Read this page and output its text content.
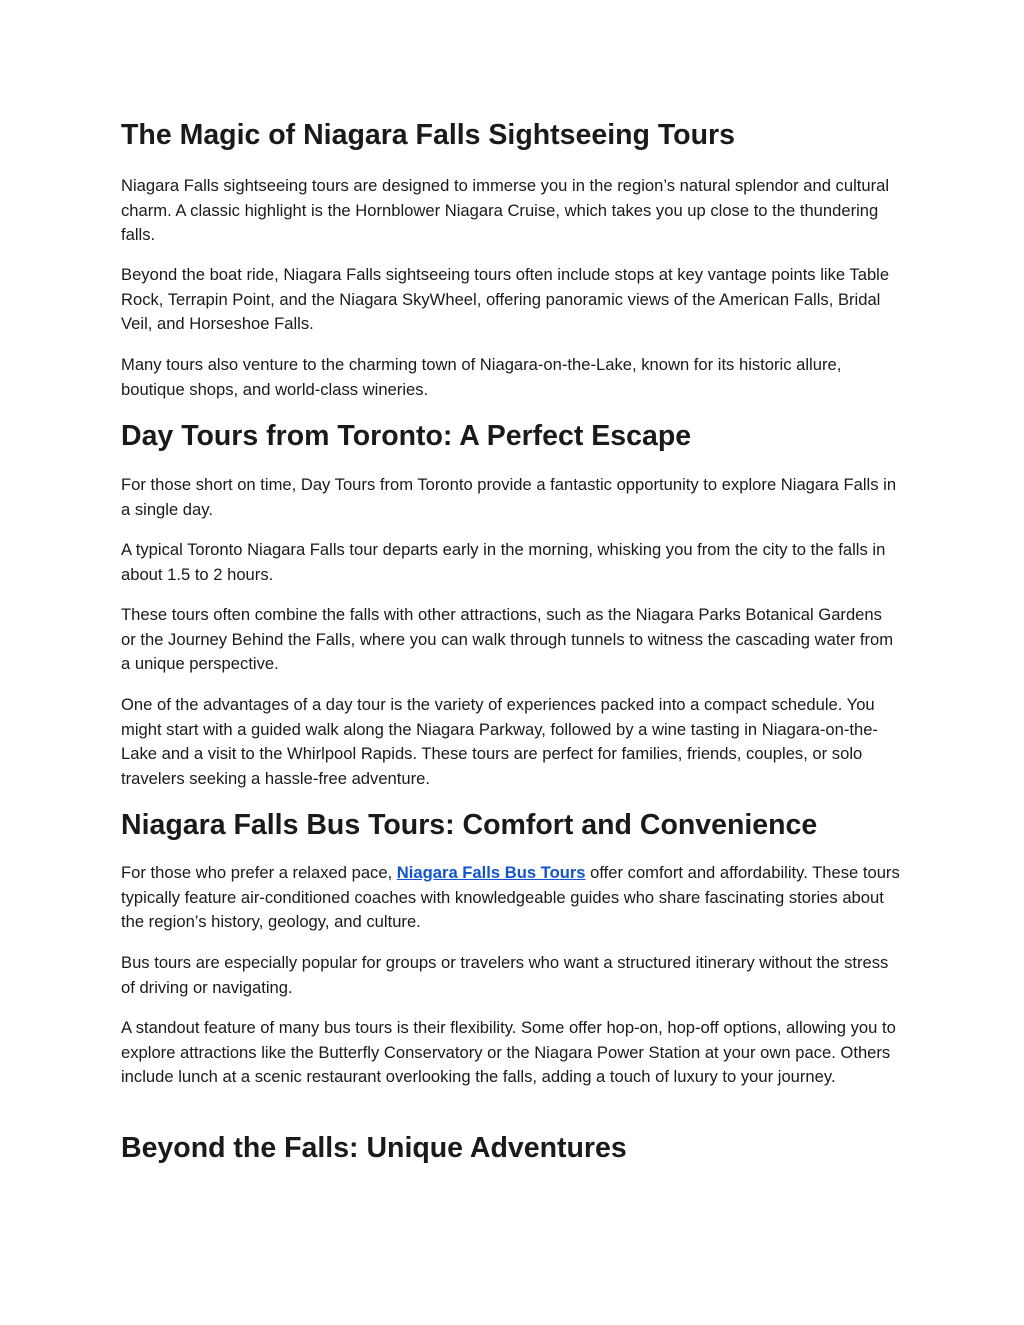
The Magic of Niagara Falls Sightseeing Tours

Niagara Falls sightseeing tours are designed to immerse you in the region’s natural splendor and cultural charm. A classic highlight is the Hornblower Niagara Cruise, which takes you up close to the thundering falls.

Beyond the boat ride, Niagara Falls sightseeing tours often include stops at key vantage points like Table Rock, Terrapin Point, and the Niagara SkyWheel, offering panoramic views of the American Falls, Bridal Veil, and Horseshoe Falls.

Many tours also venture to the charming town of Niagara-on-the-Lake, known for its historic allure, boutique shops, and world-class wineries.

Day Tours from Toronto: A Perfect Escape

For those short on time, Day Tours from Toronto provide a fantastic opportunity to explore Niagara Falls in a single day.

A typical Toronto Niagara Falls tour departs early in the morning, whisking you from the city to the falls in about 1.5 to 2 hours.

These tours often combine the falls with other attractions, such as the Niagara Parks Botanical Gardens or the Journey Behind the Falls, where you can walk through tunnels to witness the cascading water from a unique perspective.

One of the advantages of a day tour is the variety of experiences packed into a compact schedule. You might start with a guided walk along the Niagara Parkway, followed by a wine tasting in Niagara-on-the-Lake and a visit to the Whirlpool Rapids. These tours are perfect for families, friends, couples, or solo travelers seeking a hassle-free adventure.

Niagara Falls Bus Tours: Comfort and Convenience

For those who prefer a relaxed pace, Niagara Falls Bus Tours offer comfort and affordability. These tours typically feature air-conditioned coaches with knowledgeable guides who share fascinating stories about the region’s history, geology, and culture.

Bus tours are especially popular for groups or travelers who want a structured itinerary without the stress of driving or navigating.

A standout feature of many bus tours is their flexibility. Some offer hop-on, hop-off options, allowing you to explore attractions like the Butterfly Conservatory or the Niagara Power Station at your own pace. Others include lunch at a scenic restaurant overlooking the falls, adding a touch of luxury to your journey.

Beyond the Falls: Unique Adventures
